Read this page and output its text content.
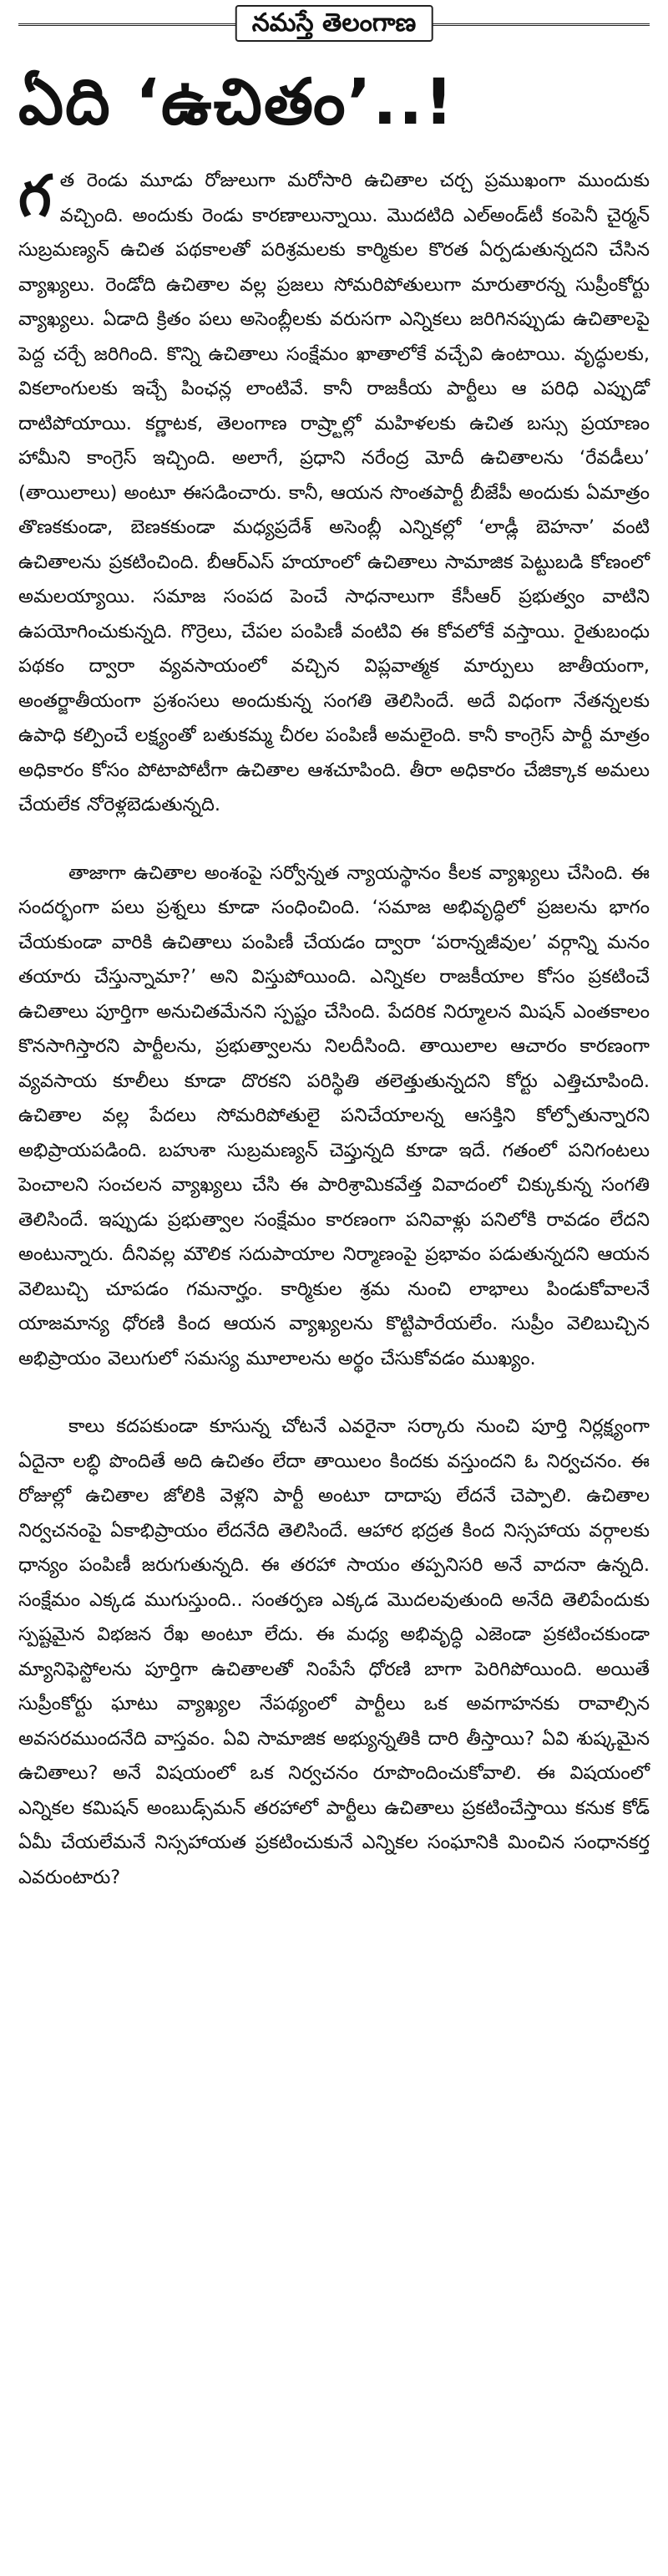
నమస్తే తెలంగాణ
ఏది ‘ఉచితం’..!

గత రెండు మూడు రోజులుగా మరోసారి ఉచితాల చర్చ ప్రముఖంగా ముందుకు వచ్చింది. అందుకు రెండు కారణాలున్నాయి. మొదటిది ఎల్‌అండ్‌టీ కంపెనీ చైర్మన్ సుబ్రమణ్యన్ ఉచిత పథకాలతో పరిశ్రమలకు కార్మికుల కొరత ఏర్పడుతున్నదని చేసిన వ్యాఖ్యలు. రెండోది ఉచితాల వల్ల ప్రజలు సోమరిపోతులుగా మారుతారన్న సుప్రీంకోర్టు వ్యాఖ్యలు. ఏడాది క్రితం పలు అసెంబ్లీలకు వరుసగా ఎన్నికలు జరిగినప్పుడు ఉచితాలపై పెద్ద చర్చే జరిగింది. కొన్ని ఉచితాలు సంక్షేమం ఖాతాలోకే వచ్చేవి ఉంటాయి. వృద్ధులకు, వికలాంగులకు ఇచ్చే పింఛన్ల లాంటివే. కానీ రాజకీయ పార్టీలు ఆ పరిధి ఎప్పుడో దాటిపోయాయి. కర్ణాటక, తెలంగాణ రాష్ర్టాల్లో మహిళలకు ఉచిత బస్సు ప్రయాణం హామీని కాంగ్రెస్ ఇచ్చింది. అలాగే, ప్రధాని నరేంద్ర మోదీ ఉచితాలను ‘రేవడీలు’ (తాయిలాలు) అంటూ ఈసడించారు. కానీ, ఆయన సొంతపార్టీ బీజేపీ అందుకు ఏమాత్రం తొణకకుండా, బెణకకుండా మధ్యప్రదేశ్ అసెంబ్లీ ఎన్నికల్లో ‘లాడ్లీ బెహనా’ వంటి ఉచితాలను ప్రకటించింది. బీఆర్‌ఎస్ హయాంలో ఉచితాలు సామాజిక పెట్టుబడి కోణంలో అమలయ్యాయి. సమాజ సంపద పెంచే సాధనాలుగా కేసీఆర్ ప్రభుత్వం వాటిని ఉపయోగించుకున్నది. గొర్రెలు, చేపల పంపిణీ వంటివి ఈ కోవలోకే వస్తాయి. రైతుబంధు పథకం ద్వారా వ్యవసాయంలో వచ్చిన విప్లవాత్మక మార్పులు జాతీయంగా, అంతర్జాతీయంగా ప్రశంసలు అందుకున్న సంగతి తెలిసిందే. అదే విధంగా నేతన్నలకు ఉపాధి కల్పించే లక్ష్యంతో బతుకమ్మ చీరల పంపిణీ అమలైంది. కానీ కాంగ్రెస్ పార్టీ మాత్రం అధికారం కోసం పోటాపోటీగా ఉచితాల ఆశచూపింది. తీరా అధికారం చేజిక్కాక అమలు చేయలేక నోరెళ్లబెడుతున్నది.

తాజాగా ఉచితాల అంశంపై సర్వోన్నత న్యాయస్థానం కీలక వ్యాఖ్యలు చేసింది. ఈ సందర్భంగా పలు ప్రశ్నలు కూడా సంధించింది. ‘సమాజ అభివృద్ధిలో ప్రజలను భాగం చేయకుండా వారికి ఉచితాలు పంపిణీ చేయడం ద్వారా ‘పరాన్నజీవుల’ వర్గాన్ని మనం తయారు చేస్తున్నామా?’ అని విస్తుపోయింది. ఎన్నికల రాజకీయాల కోసం ప్రకటించే ఉచితాలు పూర్తిగా అనుచితమేనని స్పష్టం చేసింది. పేదరిక నిర్మూలన మిషన్ ఎంతకాలం కొనసాగిస్తారని పార్టీలను, ప్రభుత్వాలను నిలదీసింది. తాయిలాల ఆచారం కారణంగా వ్యవసాయ కూలీలు కూడా దొరకని పరిస్థితి తలెత్తుతున్నదని కోర్టు ఎత్తిచూపింది. ఉచితాల వల్ల పేదలు సోమరిపోతులై పనిచేయాలన్న ఆసక్తిని కోల్పోతున్నారని అభిప్రాయపడింది. బహుశా సుబ్రమణ్యన్ చెప్తున్నది కూడా ఇదే. గతంలో పనిగంటలు పెంచాలని సంచలన వ్యాఖ్యలు చేసి ఈ పారిశ్రామికవేత్త వివాదంలో చిక్కుకున్న సంగతి తెలిసిందే. ఇప్పుడు ప్రభుత్వాల సంక్షేమం కారణంగా పనివాళ్లు పనిలోకి రావడం లేదని అంటున్నారు. దీనివల్ల మౌలిక సదుపాయాల నిర్మాణంపై ప్రభావం పడుతున్నదని ఆయన వెలిబుచ్చి చూపడం గమనార్హం. కార్మికుల శ్రమ నుంచి లాభాలు పిండుకోవాలనే యాజమాన్య ధోరణి కింద ఆయన వ్యాఖ్యలను కొట్టిపారేయలేం. సుప్రీం వెలిబుచ్చిన అభిప్రాయం వెలుగులో సమస్య మూలాలను అర్థం చేసుకోవడం ముఖ్యం.

కాలు కదపకుండా కూసున్న చోటనే ఎవరైనా సర్కారు నుంచి పూర్తి నిర్లక్ష్యంగా ఏదైనా లబ్ధి పొందితే అది ఉచితం లేదా తాయిలం కిందకు వస్తుందని ఓ నిర్వచనం. ఈ రోజుల్లో ఉచితాల జోలికి వెళ్లని పార్టీ అంటూ దాదాపు లేదనే చెప్పాలి. ఉచితాల నిర్వచనంపై ఏకాభిప్రాయం లేదనేది తెలిసిందే. ఆహార భద్రత కింద నిస్సహాయ వర్గాలకు ధాన్యం పంపిణీ జరుగుతున్నది. ఈ తరహా సాయం తప్పనిసరి అనే వాదనా ఉన్నది. సంక్షేమం ఎక్కడ ముగుస్తుంది.. సంతర్పణ ఎక్కడ మొదలవుతుంది అనేది తెలిపేందుకు స్పష్టమైన విభజన రేఖ అంటూ లేదు. ఈ మధ్య అభివృద్ధి ఎజెండా ప్రకటించకుండా మ్యానిఫెస్టోలను పూర్తిగా ఉచితాలతో నింపేసే ధోరణి బాగా పెరిగిపోయింది. అయితే సుప్రీంకోర్టు ఘాటు వ్యాఖ్యల నేపథ్యంలో పార్టీలు ఒక అవగాహనకు రావాల్సిన అవసరముందనేది వాస్తవం. ఏవి సామాజిక అభ్యున్నతికి దారి తీస్తాయి? ఏవి శుష్కమైన ఉచితాలు? అనే విషయంలో ఒక నిర్వచనం రూపొందించుకోవాలి. ఈ విషయంలో ఎన్నికల కమిషన్ అంబుడ్స్‌మన్ తరహాలో పార్టీలు ఉచితాలు ప్రకటించేస్తాయి కనుక కోడ్ ఏమీ చేయలేమనే నిస్సహాయత ప్రకటించుకునే ఎన్నికల సంఘానికి మించిన సంధానకర్త ఎవరుంటారు?
